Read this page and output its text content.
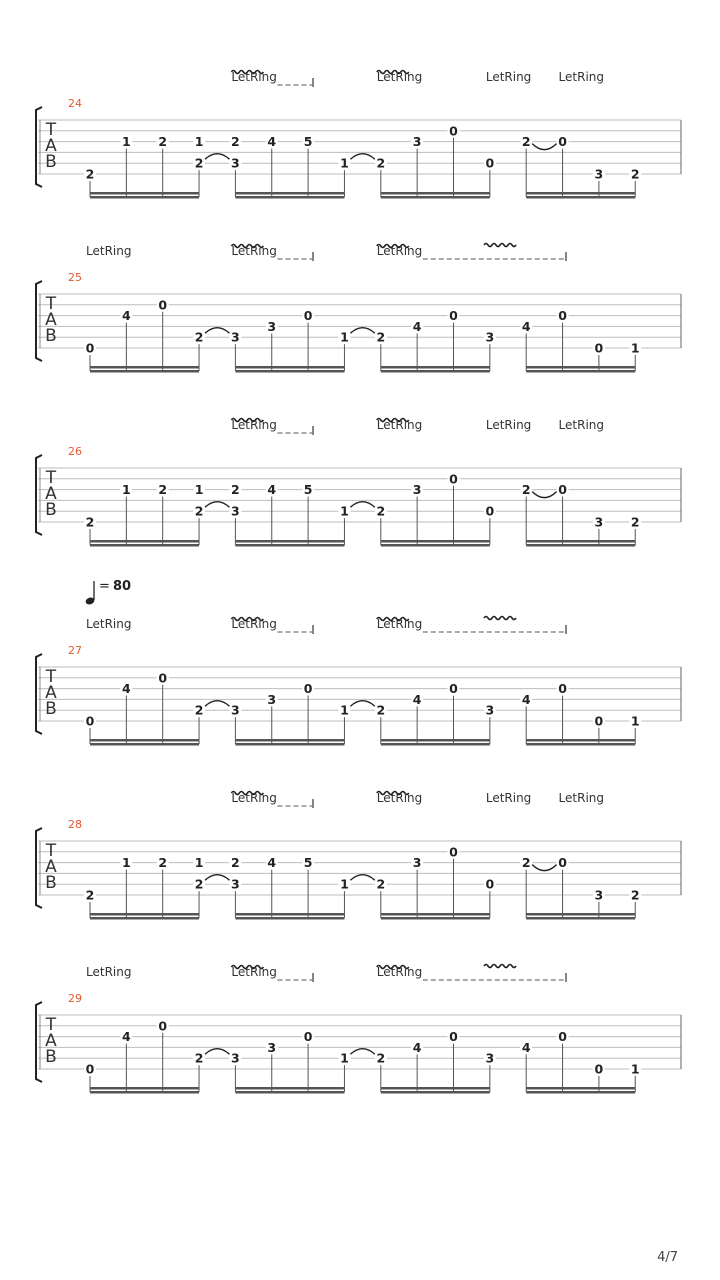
T
A
B
24
LetRing	LetRing	LetRing LetRing
2
1 2 1
2
2
3
4 5
1 2
3
0
0
2 0
3 2
T
A
B
25
LetRing	LetRing	LetRing
0
4
0
2 3
3
0
1 2
4
0
3
4
0
0 1
T
A
B
26
LetRing	LetRing	LetRing LetRing
2
1 2 1
2
2
3
4 5
1 2
3
0
0
2 0
3 2
T
A
B
27
= 80
LetRing	LetRing	LetRing
0
4
0
2 3
3
0
1 2
4
0
3
4
0
0 1
T
A
B
28
LetRing	LetRing	LetRing LetRing
2
1 2 1
2
2
3
4 5
1 2
3
0
0
2 0
3 2
T
A
B
29
LetRing	LetRing	LetRing
0
4
0
2 3
3
0
1 2
4
0
3
4
0
0 1
4/7
